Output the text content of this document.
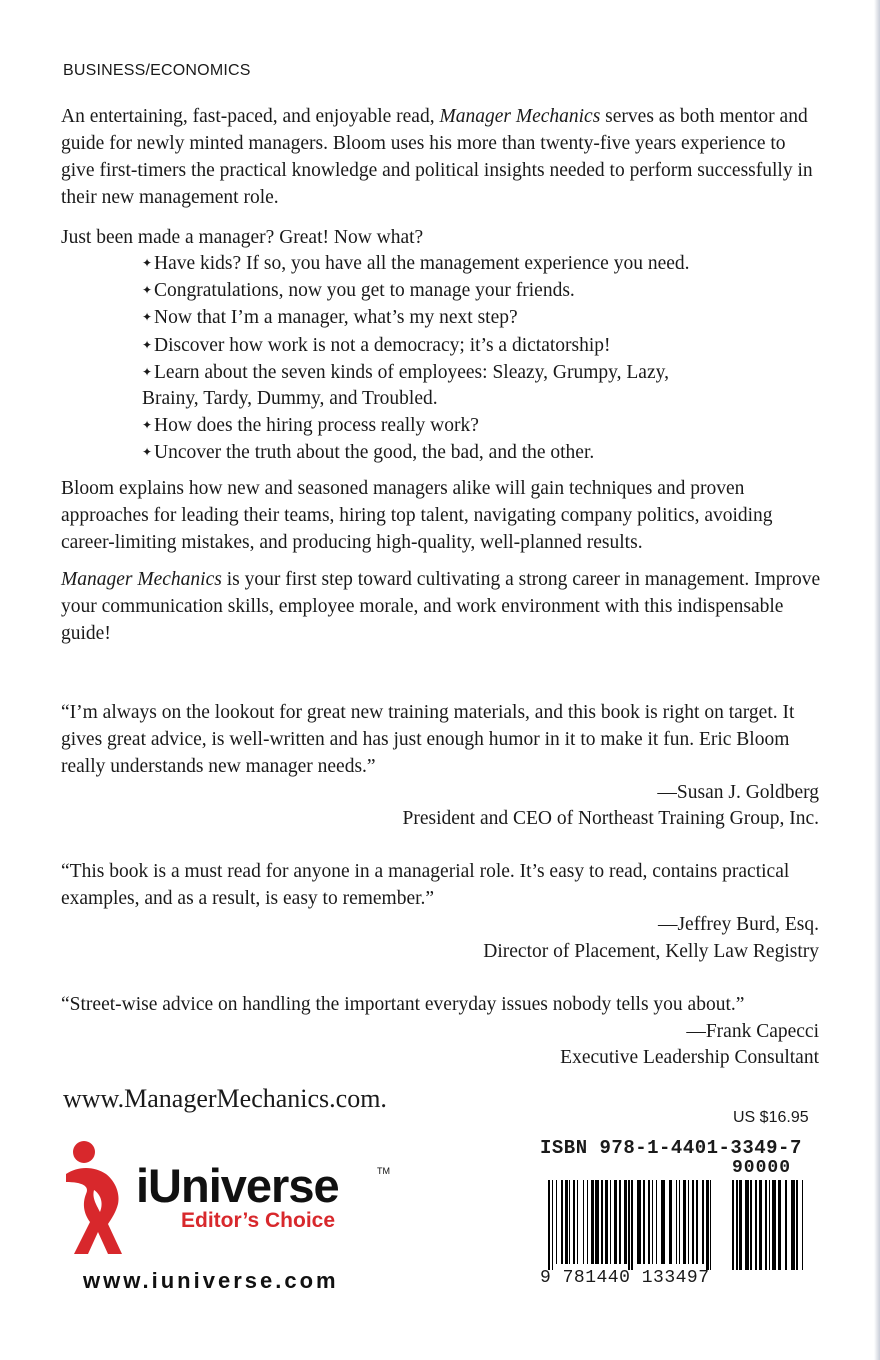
BUSINESS/ECONOMICS

An entertaining, fast-paced, and enjoyable read, Manager Mechanics serves as both mentor and guide for newly minted managers. Bloom uses his more than twenty-five years experience to give first-timers the practical knowledge and political insights needed to perform successfully in their new management role.

Just been made a manager? Great! Now what?

✦Have kids? If so, you have all the management experience you need.
✦Congratulations, now you get to manage your friends.
✦Now that I’m a manager, what’s my next step?
✦Discover how work is not a democracy; it’s a dictatorship!
✦Learn about the seven kinds of employees: Sleazy, Grumpy, Lazy,
Brainy, Tardy, Dummy, and Troubled.
✦How does the hiring process really work?
✦Uncover the truth about the good, the bad, and the other.

Bloom explains how new and seasoned managers alike will gain techniques and proven approaches for leading their teams, hiring top talent, navigating company politics, avoiding career-limiting mistakes, and producing high-quality, well-planned results.

Manager Mechanics is your first step toward cultivating a strong career in management. Improve your communication skills, employee morale, and work environment with this indispensable guide!

“I’m always on the lookout for great new training materials, and this book is right on target. It gives great advice, is well-written and has just enough humor in it to make it fun. Eric Bloom really understands new manager needs.”

—Susan J. Goldberg
President and CEO of Northeast Training Group, Inc.

“This book is a must read for anyone in a managerial role. It’s easy to read, contains practical examples, and as a result, is easy to remember.”

—Jeffrey Burd, Esq.
Director of Placement, Kelly Law Registry

“Street-wise advice on handling the important everyday issues nobody tells you about.”

—Frank Capecci
Executive Leadership Consultant
www.ManagerMechanics.com.
US $16.95
ISBN 978-1-4401-3349-7
90000
9 781440 133497
iUniverse	TM
Editor’s Choice
www.iuniverse.com
